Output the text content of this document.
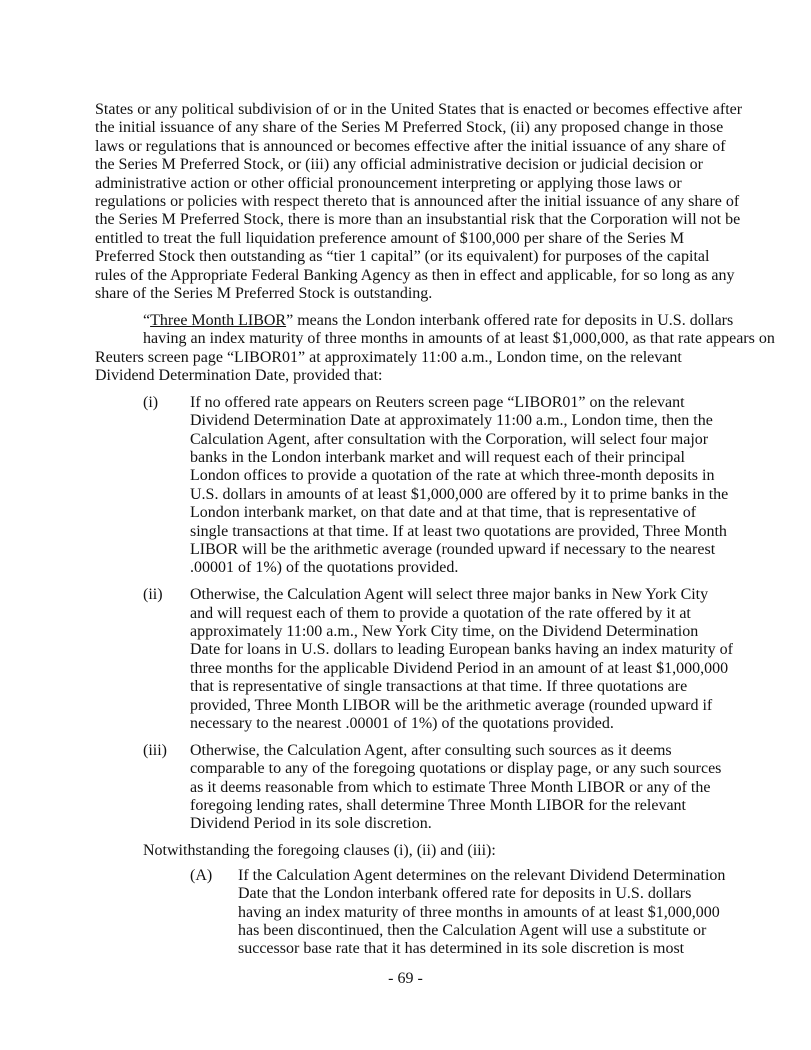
States or any political subdivision of or in the United States that is enacted or becomes effective after
the initial issuance of any share of the Series M Preferred Stock, (ii) any proposed change in those
laws or regulations that is announced or becomes effective after the initial issuance of any share of
the Series M Preferred Stock, or (iii) any official administrative decision or judicial decision or
administrative action or other official pronouncement interpreting or applying those laws or
regulations or policies with respect thereto that is announced after the initial issuance of any share of
the Series M Preferred Stock, there is more than an insubstantial risk that the Corporation will not be
entitled to treat the full liquidation preference amount of $100,000 per share of the Series M
Preferred Stock then outstanding as “tier 1 capital” (or its equivalent) for purposes of the capital
rules of the Appropriate Federal Banking Agency as then in effect and applicable, for so long as any
share of the Series M Preferred Stock is outstanding.
“Three Month LIBOR” means the London interbank offered rate for deposits in U.S. dollars
having an index maturity of three months in amounts of at least $1,000,000, as that rate appears on
Reuters screen page “LIBOR01” at approximately 11:00 a.m., London time, on the relevant
Dividend Determination Date, provided that:
(i) If no offered rate appears on Reuters screen page “LIBOR01” on the relevant
Dividend Determination Date at approximately 11:00 a.m., London time, then the
Calculation Agent, after consultation with the Corporation, will select four major
banks in the London interbank market and will request each of their principal
London offices to provide a quotation of the rate at which three-month deposits in
U.S. dollars in amounts of at least $1,000,000 are offered by it to prime banks in the
London interbank market, on that date and at that time, that is representative of
single transactions at that time. If at least two quotations are provided, Three Month
LIBOR will be the arithmetic average (rounded upward if necessary to the nearest
.00001 of 1%) of the quotations provided.
(ii) Otherwise, the Calculation Agent will select three major banks in New York City
and will request each of them to provide a quotation of the rate offered by it at
approximately 11:00 a.m., New York City time, on the Dividend Determination
Date for loans in U.S. dollars to leading European banks having an index maturity of
three months for the applicable Dividend Period in an amount of at least $1,000,000
that is representative of single transactions at that time. If three quotations are
provided, Three Month LIBOR will be the arithmetic average (rounded upward if
necessary to the nearest .00001 of 1%) of the quotations provided.
(iii) Otherwise, the Calculation Agent, after consulting such sources as it deems
comparable to any of the foregoing quotations or display page, or any such sources
as it deems reasonable from which to estimate Three Month LIBOR or any of the
foregoing lending rates, shall determine Three Month LIBOR for the relevant
Dividend Period in its sole discretion.
Notwithstanding the foregoing clauses (i), (ii) and (iii):
(A) If the Calculation Agent determines on the relevant Dividend Determination
Date that the London interbank offered rate for deposits in U.S. dollars
having an index maturity of three months in amounts of at least $1,000,000
has been discontinued, then the Calculation Agent will use a substitute or
successor base rate that it has determined in its sole discretion is most
- 69 -
